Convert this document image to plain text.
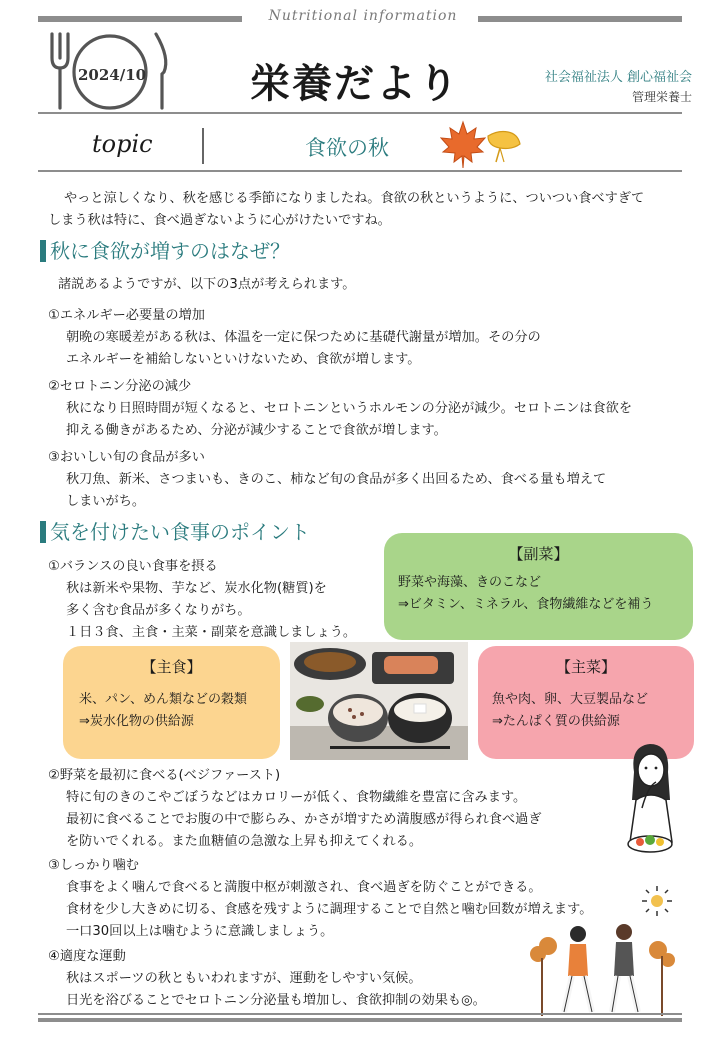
Nutritional information
2024/10	栄養だより	社会福祉法人 創心福祉会
管理栄養士
topic	食欲の秋

やっと涼しくなり、秋を感じる季節になりましたね。食欲の秋というように、ついつい食べすぎて

しまう秋は特に、食べ過ぎないように心がけたいですね。

秋に食欲が増すのはなぜ？
諸説あるようですが、以下の3点が考えられます。

①エネルギー必要量の増加

朝晩の寒暖差がある秋は、体温を一定に保つために基礎代謝量が増加。その分の

エネルギーを補給しないといけないため、食欲が増します。

②セロトニン分泌の減少

秋になり日照時間が短くなると、セロトニンというホルモンの分泌が減少。セロトニンは食欲を

抑える働きがあるため、分泌が減少することで食欲が増します。

③おいしい旬の食品が多い

秋刀魚、新米、さつまいも、きのこ、柿など旬の食品が多く出回るため、食べる量も増えて

しまいがち。

気を付けたい食事のポイント

①バランスの良い食事を摂る

秋は新米や果物、芋など、炭水化物(糖質)を

多く含む食品が多くなりがち。

１日３食、主食・主菜・副菜を意識しましょう。

【副菜】

野菜や海藻、きのこなど

⇒ビタミン、ミネラル、食物繊維などを補う

【主食】

米、パン、めん類などの穀類

⇒炭水化物の供給源

【主菜】

魚や肉、卵、大豆製品など

⇒たんぱく質の供給源

②野菜を最初に食べる(ベジファースト)

特に旬のきのこやごぼうなどはカロリーが低く、食物繊維を豊富に含みます。

最初に食べることでお腹の中で膨らみ、かさが増すため満腹感が得られ食べ過ぎ

を防いでくれる。また血糖値の急激な上昇も抑えてくれる。

③しっかり噛む

食事をよく噛んで食べると満腹中枢が刺激され、食べ過ぎを防ぐことができる。

食材を少し大きめに切る、食感を残すように調理することで自然と噛む回数が増えます。

一口30回以上は噛むように意識しましょう。

④適度な運動

秋はスポーツの秋ともいわれますが、運動をしやすい気候。

日光を浴びることでセロトニン分泌量も増加し、食欲抑制の効果も◎。
